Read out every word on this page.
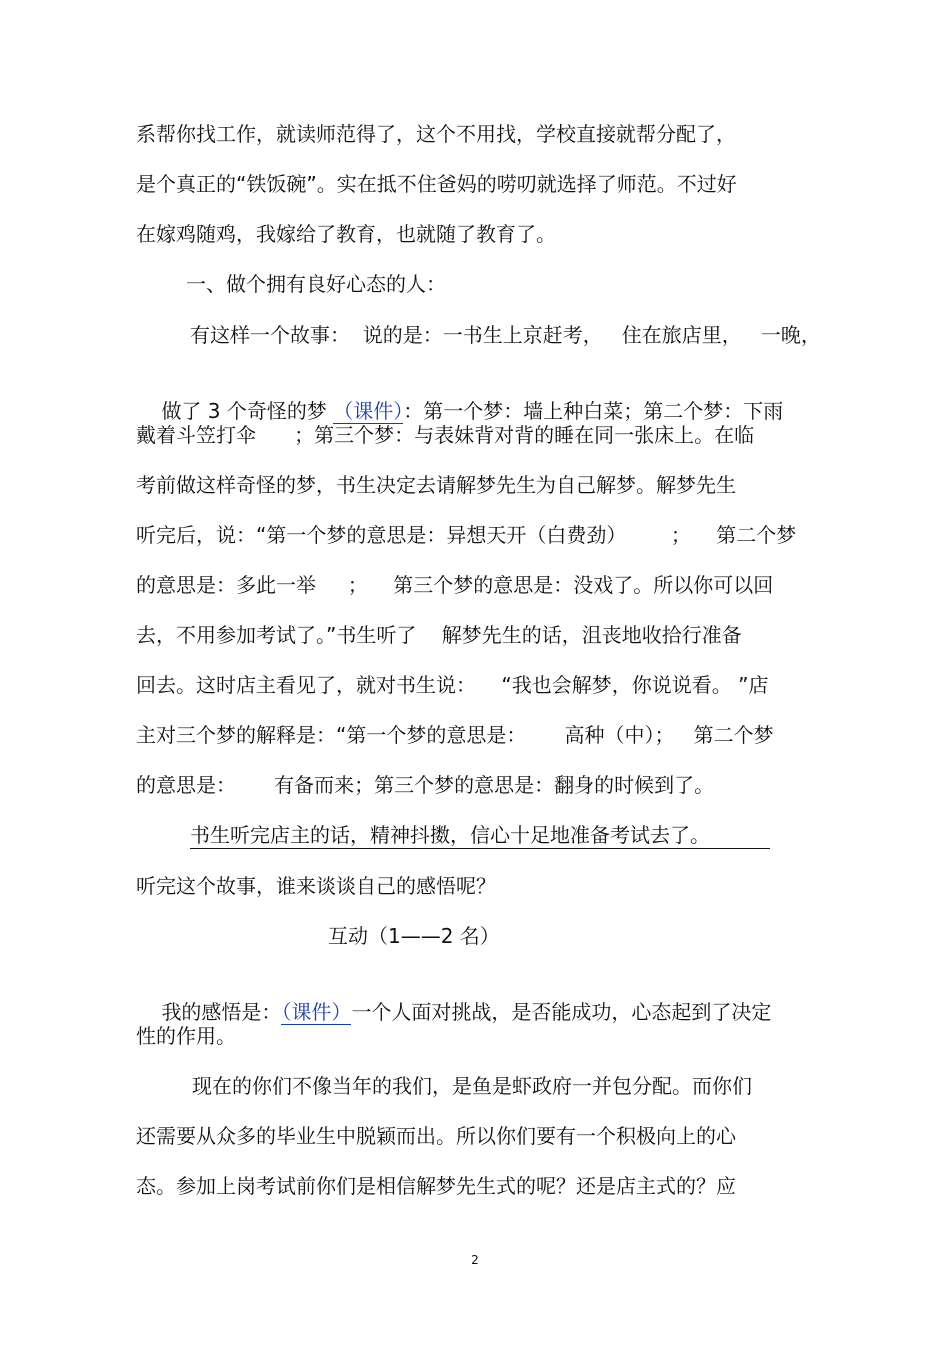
系帮你找工作，就读师范得了，这个不用找，学校直接就帮分配了，
是个真正的“铁饭碗”。实在抵不住爸妈的唠叨就选择了师范。不过好
在嫁鸡随鸡，我嫁给了教育，也就随了教育了。
一、做个拥有良好心态的人：
有这样一个故事：  说的是：一书生上京赶考，   住在旅店里，   一晚，

做了 3 个奇怪的梦 （课件）：第一个梦：墙上种白菜；第二个梦：下雨

戴着斗笠打伞      ；第三个梦：与表妹背对背的睡在同一张床上。在临
考前做这样奇怪的梦，书生决定去请解梦先生为自己解梦。解梦先生
听完后，说：“第一个梦的意思是：异想天开（白费劲）       ；    第二个梦
的意思是：多此一举     ；    第三个梦的意思是：没戏了。所以你可以回
去，不用参加考试了。”书生听了    解梦先生的话，沮丧地收拾行准备
回去。这时店主看见了，就对书生说：    “我也会解梦，你说说看。 ”店
主对三个梦的解释是：“第一个梦的意思是：      高种（中）；   第二个梦
的意思是：      有备而来；第三个梦的意思是：翻身的时候到了。
书生听完店主的话，精神抖擞，信心十足地准备考试去了。
听完这个故事，谁来谈谈自己的感悟呢？
互动（1——2 名）

我的感悟是：（课件）一个人面对挑战，是否能成功，心态起到了决定

性的作用。
现在的你们不像当年的我们，是鱼是虾政府一并包分配。而你们
还需要从众多的毕业生中脱颖而出。所以你们要有一个积极向上的心
态。参加上岗考试前你们是相信解梦先生式的呢？还是店主式的？应
2
